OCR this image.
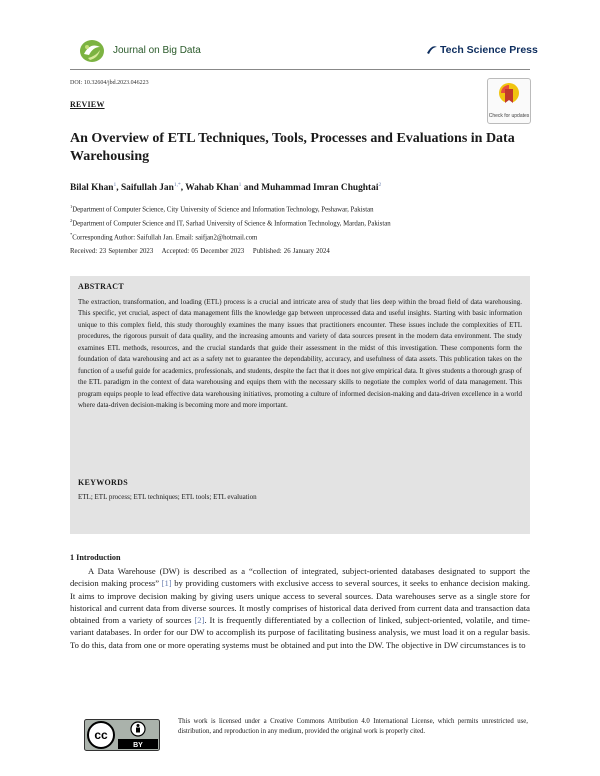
Journal on Big Data	Tech Science Press
DOI: 10.32604/jbd.2023.046223
REVIEW
Check for updates
An Overview of ETL Techniques, Tools, Processes and Evaluations in Data Warehousing
Bilal Khan$^1$, Saifullah Jan$^{1,*}$, Wahab Khan$^1$ and Muhammad Imran Chughtai$^2$
$^1$Department of Computer Science, City University of Science and Information Technology, Peshawar, Pakistan
$^2$Department of Computer Science and IT, Sarhad University of Science & Information Technology, Mardan, Pakistan
*Corresponding Author: Saifullah Jan. Email: saifjan2@hotmail.com
Received: 23 September 2023    Accepted: 05 December 2023    Published: 26 January 2024
ABSTRACT
The extraction, transformation, and loading (ETL) process is a crucial and intricate area of study that lies deep within the broad field of data warehousing. This specific, yet crucial, aspect of data management fills the knowledge gap between unprocessed data and useful insights. Starting with basic information unique to this complex field, this study thoroughly examines the many issues that practitioners encounter. These issues include the complexities of ETL procedures, the rigorous pursuit of data quality, and the increasing amounts and variety of data sources present in the modern data environment. The study examines ETL methods, resources, and the crucial standards that guide their assessment in the midst of this investigation. These components form the foundation of data warehousing and act as a safety net to guarantee the dependability, accuracy, and usefulness of data assets. This publication takes on the function of a useful guide for academics, professionals, and students, despite the fact that it does not give empirical data. It gives students a thorough grasp of the ETL paradigm in the context of data warehousing and equips them with the necessary skills to negotiate the complex world of data management. This program equips people to lead effective data warehousing initiatives, promoting a culture of informed decision-making and data-driven excellence in a world where data-driven decision-making is becoming more and more important.
KEYWORDS
ETL; ETL process; ETL techniques; ETL tools; ETL evaluation
1 Introduction
A Data Warehouse (DW) is described as a “collection of integrated, subject-oriented databases designated to support the decision making process” [1] by providing customers with exclusive access to several sources, it seeks to enhance decision making. It aims to improve decision making by giving users unique access to several sources. Data warehouses serve as a single store for historical and current data from diverse sources. It mostly comprises of historical data derived from current data and transaction data obtained from a variety of sources [2]. It is frequently differentiated by a collection of linked, subject-oriented, volatile, and time-variant databases. In order for our DW to accomplish its purpose of facilitating business analysis, we must load it on a regular basis. To do this, data from one or more operating systems must be obtained and put into the DW. The objective in DW circumstances is to
cc
BY
This work is licensed under a Creative Commons Attribution 4.0 International License, which permits unrestricted use, distribution, and reproduction in any medium, provided the original work is properly cited.
